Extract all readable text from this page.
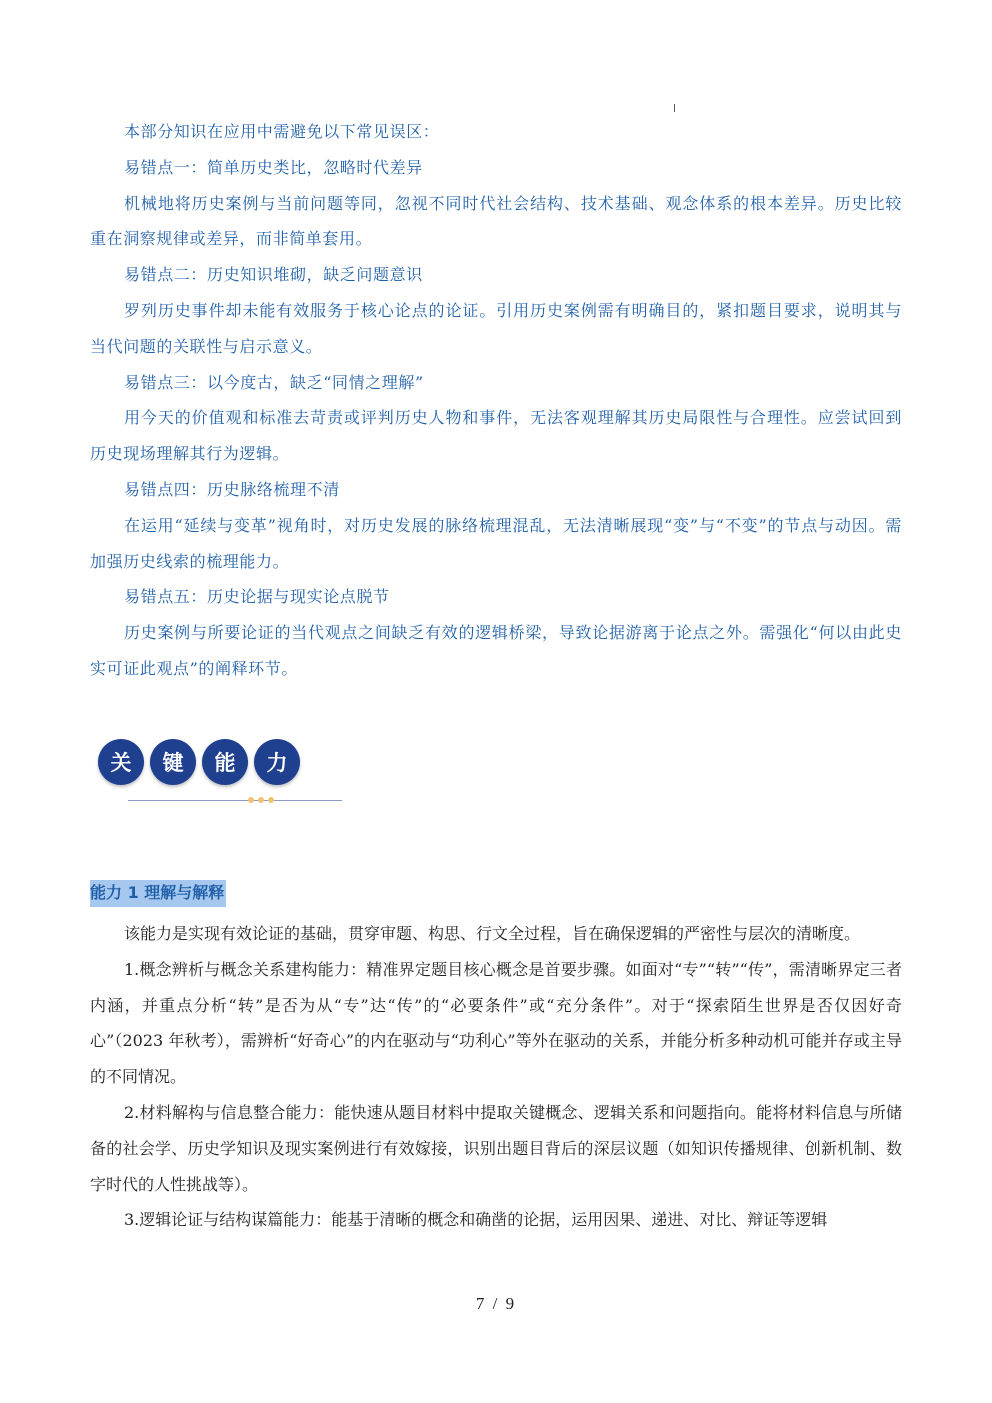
本部分知识在应用中需避免以下常见误区：

易错点一：简单历史类比，忽略时代差异

机械地将历史案例与当前问题等同，忽视不同时代社会结构、技术基础、观念体系的根本差异。历史比较重在洞察规律或差异，而非简单套用。

易错点二：历史知识堆砌，缺乏问题意识

罗列历史事件却未能有效服务于核心论点的论证。引用历史案例需有明确目的，紧扣题目要求，说明其与当代问题的关联性与启示意义。

易错点三：以今度古，缺乏“同情之理解”

用今天的价值观和标准去苛责或评判历史人物和事件，无法客观理解其历史局限性与合理性。应尝试回到历史现场理解其行为逻辑。

易错点四：历史脉络梳理不清

在运用“延续与变革”视角时，对历史发展的脉络梳理混乱，无法清晰展现“变”与“不变”的节点与动因。需加强历史线索的梳理能力。

易错点五：历史论据与现实论点脱节

历史案例与所要论证的当代观点之间缺乏有效的逻辑桥梁，导致论据游离于论点之外。需强化“何以由此史实可证此观点”的阐释环节。

关	键	能	力
能力 1 理解与解释

该能力是实现有效论证的基础，贯穿审题、构思、行文全过程，旨在确保逻辑的严密性与层次的清晰度。

1.概念辨析与概念关系建构能力：精准界定题目核心概念是首要步骤。如面对“专”“转”“传”，需清晰界定三者内涵，并重点分析“转”是否为从“专”达“传”的“必要条件”或“充分条件”。对于“探索陌生世界是否仅因好奇心”（2023 年秋考），需辨析“好奇心”的内在驱动与“功利心”等外在驱动的关系，并能分析多种动机可能并存或主导的不同情况。

2.材料解构与信息整合能力：能快速从题目材料中提取关键概念、逻辑关系和问题指向。能将材料信息与所储备的社会学、历史学知识及现实案例进行有效嫁接，识别出题目背后的深层议题（如知识传播规律、创新机制、数字时代的人性挑战等）。

3.逻辑论证与结构谋篇能力：能基于清晰的概念和确凿的论据，运用因果、递进、对比、辩证等逻辑

7 / 9
